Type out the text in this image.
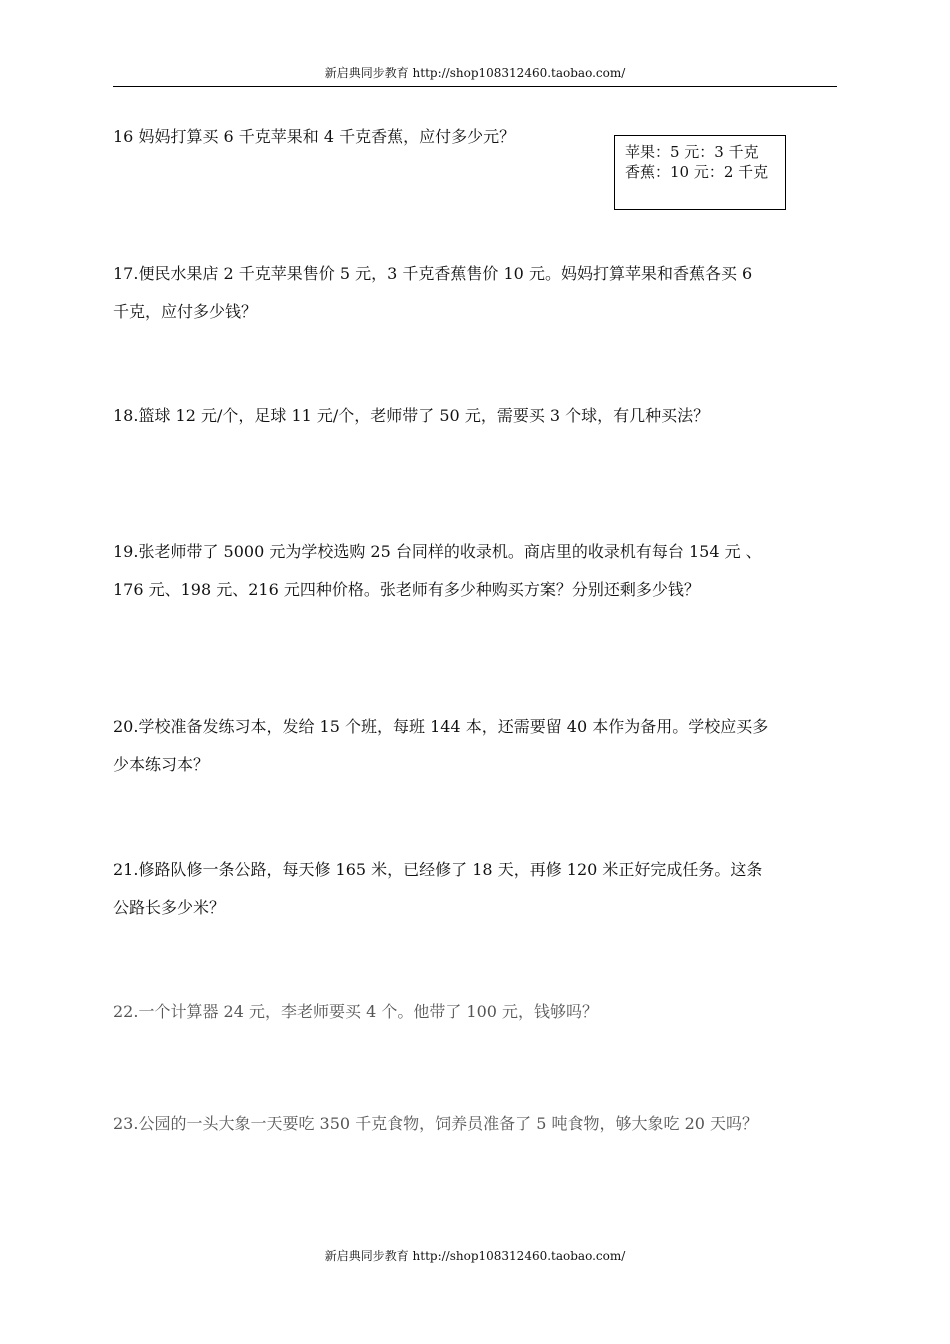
新启典同步教育 http://shop108312460.taobao.com/

16 妈妈打算买 6 千克苹果和 4 千克香蕉，应付多少元？

苹果：5 元：3 千克
香蕉：10 元：2 千克

17.便民水果店 2 千克苹果售价 5 元，3 千克香蕉售价 10 元。妈妈打算苹果和香蕉各买 6
千克，应付多少钱？

18.篮球 12 元/个，足球 11 元/个，老师带了 50 元，需要买 3 个球，有几种买法？

19.张老师带了 5000 元为学校选购 25 台同样的收录机。商店里的收录机有每台 154 元 、
176 元、198 元、216 元四种价格。张老师有多少种购买方案？分别还剩多少钱？

20.学校准备发练习本，发给 15 个班，每班 144 本，还需要留 40 本作为备用。学校应买多
少本练习本？

21.修路队修一条公路，每天修 165 米，已经修了 18 天，再修 120 米正好完成任务。这条
公路长多少米？

22.一个计算器 24 元，李老师要买 4 个。他带了 100 元，钱够吗？

23.公园的一头大象一天要吃 350 千克食物，饲养员准备了 5 吨食物，够大象吃 20 天吗？

新启典同步教育 http://shop108312460.taobao.com/
